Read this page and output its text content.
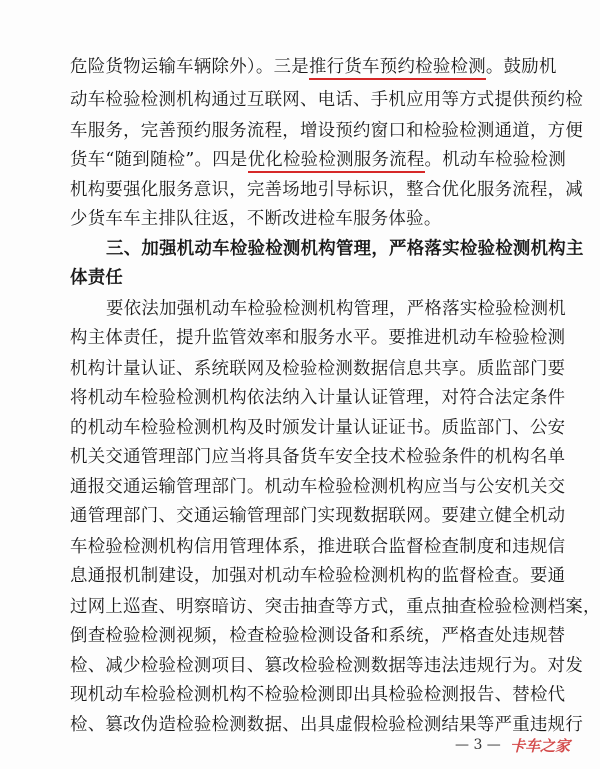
危险货物运输车辆除外）。三是推行货车预约检验检测。鼓励机
动车检验检测机构通过互联网、电话、手机应用等方式提供预约检
车服务，完善预约服务流程，增设预约窗口和检验检测通道，方便
货车“随到随检”。四是优化检验检测服务流程。机动车检验检测
机构要强化服务意识，完善场地引导标识，整合优化服务流程，减
少货车车主排队往返，不断改进检车服务体验。
三、加强机动车检验检测机构管理，严格落实检验检测机构主
体责任
要依法加强机动车检验检测机构管理，严格落实检验检测机
构主体责任，提升监管效率和服务水平。要推进机动车检验检测
机构计量认证、系统联网及检验检测数据信息共享。质监部门要
将机动车检验检测机构依法纳入计量认证管理，对符合法定条件
的机动车检验检测机构及时颁发计量认证证书。质监部门、公安
机关交通管理部门应当将具备货车安全技术检验条件的机构名单
通报交通运输管理部门。机动车检验检测机构应当与公安机关交
通管理部门、交通运输管理部门实现数据联网。要建立健全机动
车检验检测机构信用管理体系，推进联合监督检查制度和违规信
息通报机制建设，加强对机动车检验检测机构的监督检查。要通
过网上巡查、明察暗访、突击抽查等方式，重点抽查检验检测档案，
倒查检验检测视频，检查检验检测设备和系统，严格查处违规替
检、减少检验检测项目、篡改检验检测数据等违法违规行为。对发
现机动车检验检测机构不检验检测即出具检验检测报告、替检代
检、篡改伪造检验检测数据、出具虚假检验检测结果等严重违规行
— 3 — 卡车之家
